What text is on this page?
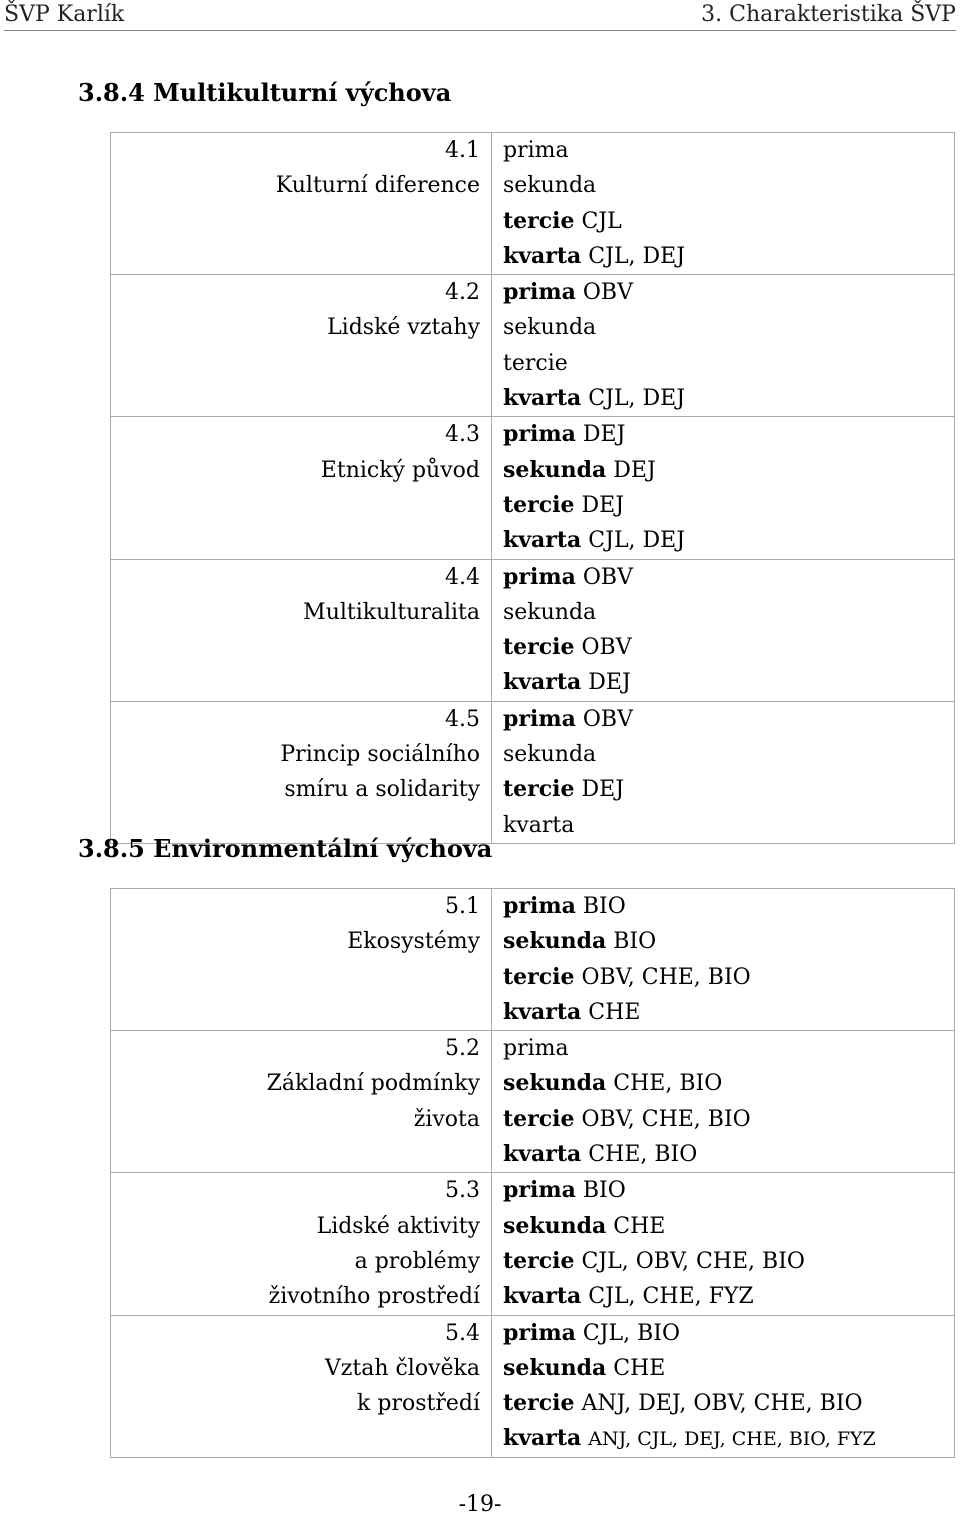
ŠVP Karlík	3. Charakteristika ŠVP
3.8.4 Multikulturní výchova
4.1
Kulturní diference	prima
sekunda
tercie CJL
kvarta CJL, DEJ

4.2
Lidské vztahy	prima OBV
sekunda
tercie
kvarta CJL, DEJ

4.3
Etnický původ	prima DEJ
sekunda DEJ
tercie DEJ
kvarta CJL, DEJ

4.4
Multikulturalita	prima OBV
sekunda
tercie OBV
kvarta DEJ

4.5
Princip sociálního
smíru a solidarity	prima OBV
sekunda
tercie DEJ
kvarta
3.8.5 Environmentální výchova
5.1
Ekosystémy	prima BIO
sekunda BIO
tercie OBV, CHE, BIO
kvarta CHE

5.2
Základní podmínky
života	prima
sekunda CHE, BIO
tercie OBV, CHE, BIO
kvarta CHE, BIO

5.3
Lidské aktivity
a problémy
životního prostředí	prima BIO
sekunda CHE
tercie CJL, OBV, CHE, BIO
kvarta CJL, CHE, FYZ

5.4
Vztah člověka
k prostředí	prima CJL, BIO
sekunda CHE
tercie ANJ, DEJ, OBV, CHE, BIO
kvarta ANJ, CJL, DEJ, CHE, BIO, FYZ
-19-
